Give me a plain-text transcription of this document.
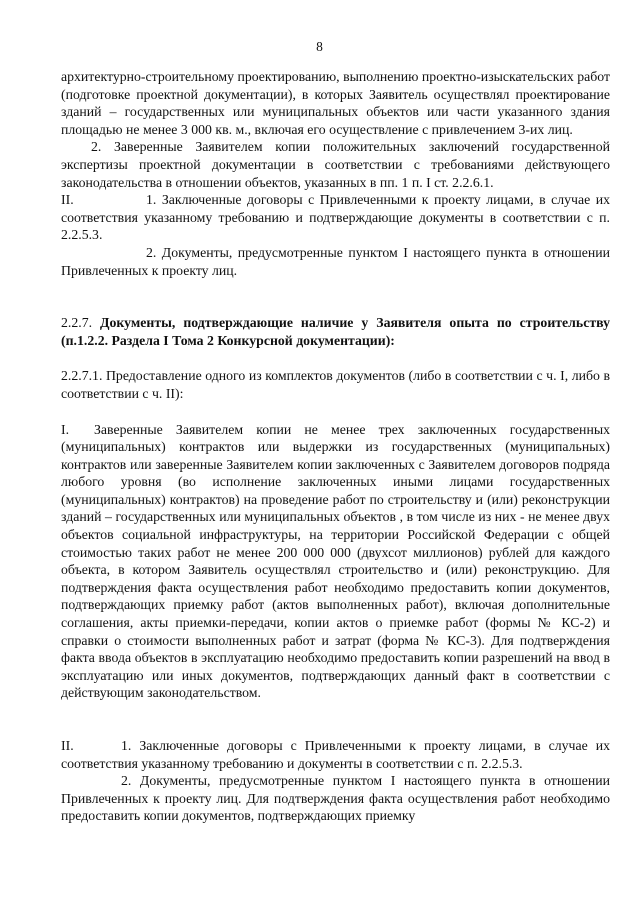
8

архитектурно-строительному проектированию, выполнению проектно-изыскательских работ (подготовке проектной документации), в которых Заявитель осуществлял проектирование зданий – государственных или муниципальных объектов или части указанного здания площадью не менее 3 000 кв. м., включая его осуществление с привлечением 3-их лиц.

2. Заверенные Заявителем копии положительных заключений государственной экспертизы проектной документации в соответствии с требованиями действующего законодательства в отношении объектов, указанных в пп. 1 п. I ст. 2.2.6.1.

II.	1. Заключенные договоры с Привлеченными к проекту лицами, в случае их соответствия указанному требованию и подтверждающие документы в соответствии с п. 2.2.5.3.

2. Документы, предусмотренные пунктом I настоящего пункта в отношении Привлеченных к проекту лиц.

2.2.7. Документы, подтверждающие наличие у Заявителя опыта по строительству (п.1.2.2. Раздела I Тома 2 Конкурсной документации):

2.2.7.1. Предоставление одного из комплектов документов (либо в соответствии с ч. I, либо в соответствии с ч. II):

I. Заверенные Заявителем копии не менее трех заключенных государственных (муниципальных) контрактов или выдержки из государственных (муниципальных) контрактов или заверенные Заявителем копии заключенных с Заявителем договоров подряда любого уровня (во исполнение заключенных иными лицами государственных (муниципальных) контрактов) на проведение работ по строительству и (или) реконструкции зданий – государственных или муниципальных объектов , в том числе из них - не менее двух объектов социальной инфраструктуры, на территории Российской Федерации с общей стоимостью таких работ не менее 200 000 000 (двухсот миллионов) рублей для каждого объекта, в котором Заявитель осуществлял строительство и (или) реконструкцию. Для подтверждения факта осуществления работ необходимо предоставить копии документов, подтверждающих приемку работ (актов выполненных работ), включая дополнительные соглашения, акты приемки-передачи, копии актов о приемке работ (формы № КС-2) и справки о стоимости выполненных работ и затрат (форма № КС-3). Для подтверждения факта ввода объектов в эксплуатацию необходимо предоставить копии разрешений на ввод в эксплуатацию или иных документов, подтверждающих данный факт в соответствии с действующим законодательством.

II.	1. Заключенные договоры с Привлеченными к проекту лицами, в случае их соответствия указанному требованию и документы в соответствии с п. 2.2.5.3.

2. Документы, предусмотренные пунктом I настоящего пункта в отношении Привлеченных к проекту лиц. Для подтверждения факта осуществления работ необходимо предоставить копии документов, подтверждающих приемку
